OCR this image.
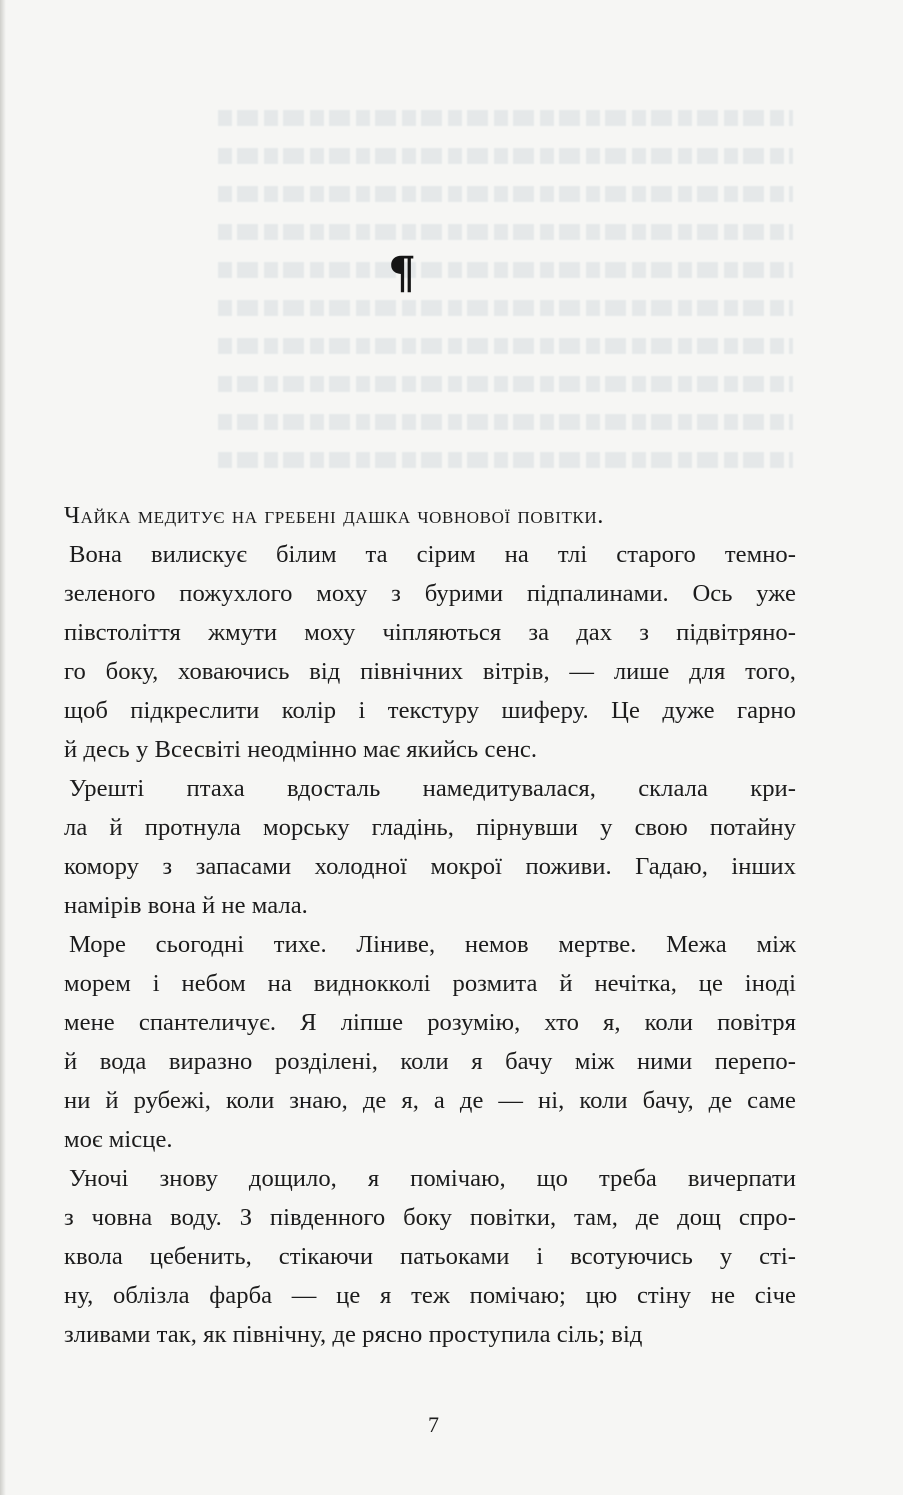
¶
Чайка медитує на гребені дашка човнової повітки.
Вона вилискує білим та сірим на тлі старого темно-
зеленого пожухлого моху з бурими підпалинами. Ось уже
півстоліття жмути моху чіпляються за дах з підвітряно-
го боку, ховаючись від північних вітрів, — лише для того,
щоб підкреслити колір і текстуру шиферу. Це дуже гарно
й десь у Всесвіті неодмінно має якийсь сенс.
Урешті птаха вдосталь намедитувалася, склала кри-
ла й протнула морську гладінь, пірнувши у свою потайну
комору з запасами холодної мокрої поживи. Гадаю, інших
намірів вона й не мала.
Море сьогодні тихе. Ліниве, немов мертве. Межа між
морем і небом на виднокколі розмита й нечітка, це іноді
мене спантеличує. Я ліпше розумію, хто я, коли повітря
й вода виразно розділені, коли я бачу між ними перепо-
ни й рубежі, коли знаю, де я, а де — ні, коли бачу, де саме
моє місце.
Уночі знову дощило, я помічаю, що треба вичерпати
з човна воду. З південного боку повітки, там, де дощ спро-
квола цебенить, стікаючи патьоками і всотуючись у сті-
ну, облізла фарба — це я теж помічаю; цю стіну не січе
зливами так, як північну, де рясно проступила сіль; від
7
